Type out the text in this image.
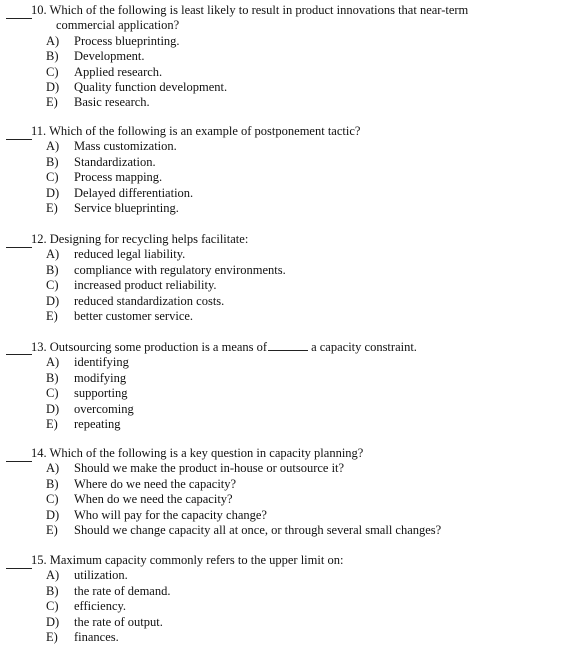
10. Which of the following is least likely to result in product innovations that near-term
commercial application?
A) Process blueprinting.
B) Development.
C) Applied research.
D) Quality function development.
E) Basic research.
11. Which of the following is an example of postponement tactic?
A) Mass customization.
B) Standardization.
C) Process mapping.
D) Delayed differentiation.
E) Service blueprinting.
12. Designing for recycling helps facilitate:
A) reduced legal liability.
B) compliance with regulatory environments.
C) increased product reliability.
D) reduced standardization costs.
E) better customer service.
13. Outsourcing some production is a means of	a capacity constraint.
A) identifying
B) modifying
C) supporting
D) overcoming
E) repeating
14. Which of the following is a key question in capacity planning?
A) Should we make the product in-house or outsource it?
B) Where do we need the capacity?
C) When do we need the capacity?
D) Who will pay for the capacity change?
E) Should we change capacity all at once, or through several small changes?
15. Maximum capacity commonly refers to the upper limit on:
A) utilization.
B) the rate of demand.
C) efficiency.
D) the rate of output.
E) finances.
